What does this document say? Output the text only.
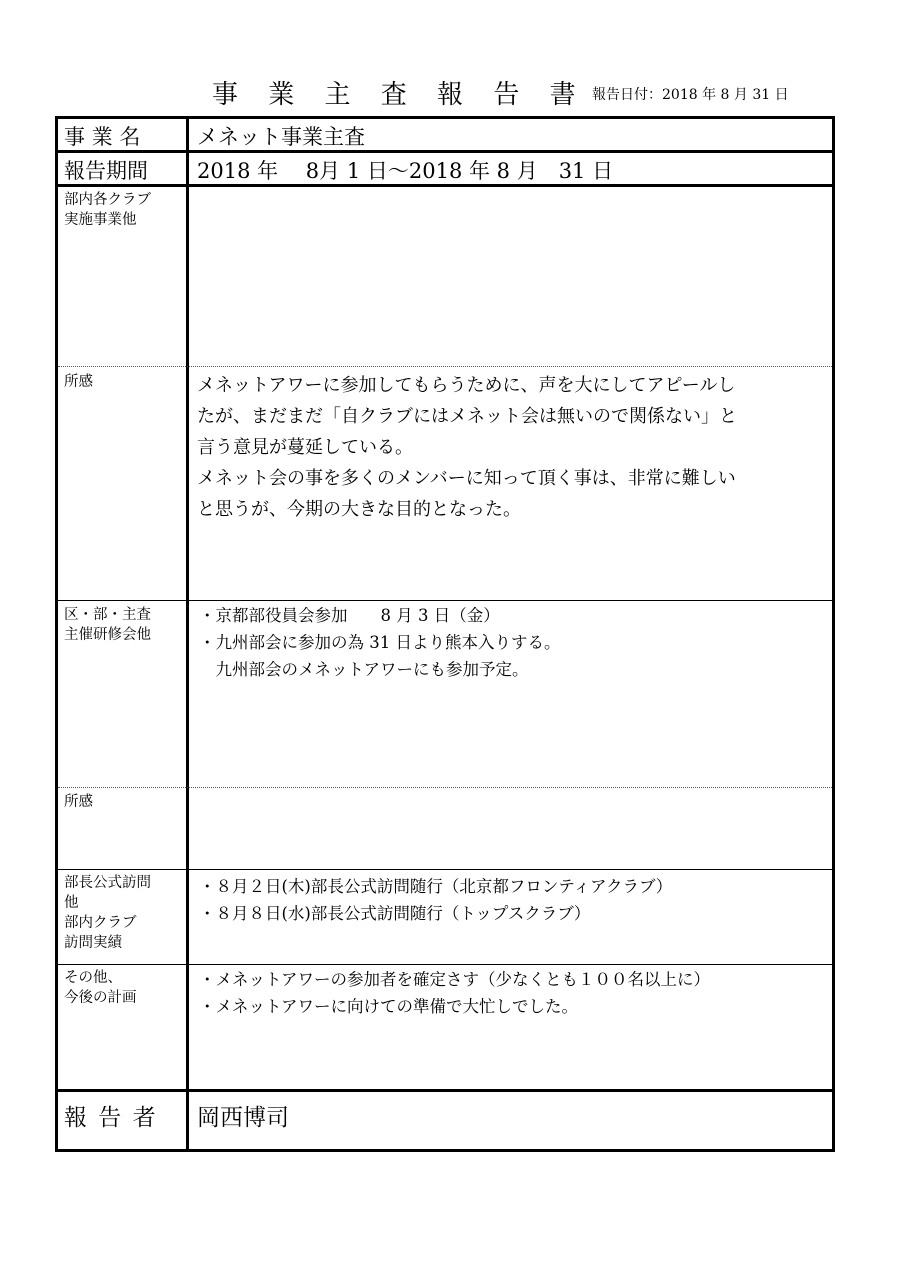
事 業 主 査 報 告 書 報告日付：2018 年 8 月 31 日
事 業 名	メネット事業主査
報告期間 2018 年　 8月 1 日〜2018 年 8 月　31 日
部内各クラブ
実施事業他
所感	メネットアワーに参加してもらうために、声を大にしてアピールし
たが、まだまだ「自クラブにはメネット会は無いので関係ない」と
言う意見が蔓延している。
メネット会の事を多くのメンバーに知って頂く事は、非常に難しい
と思うが、今期の大きな目的となった。
区・部・主査
主催研修会他
・京都部役員会参加　　8 月 3 日（金）
・九州部会に参加の為 31 日より熊本入りする。
　九州部会のメネットアワーにも参加予定。
所感
部長公式訪問
他
部内クラブ
訪問実績
・８月２日(木)部長公式訪問随行（北京都フロンティアクラブ）
・８月８日(水)部長公式訪問随行（トップスクラブ）
その他、
今後の計画
・メネットアワーの参加者を確定さす（少なくとも１００名以上に）
・メネットアワーに向けての準備で大忙しでした。
報 告 者 岡西博司
